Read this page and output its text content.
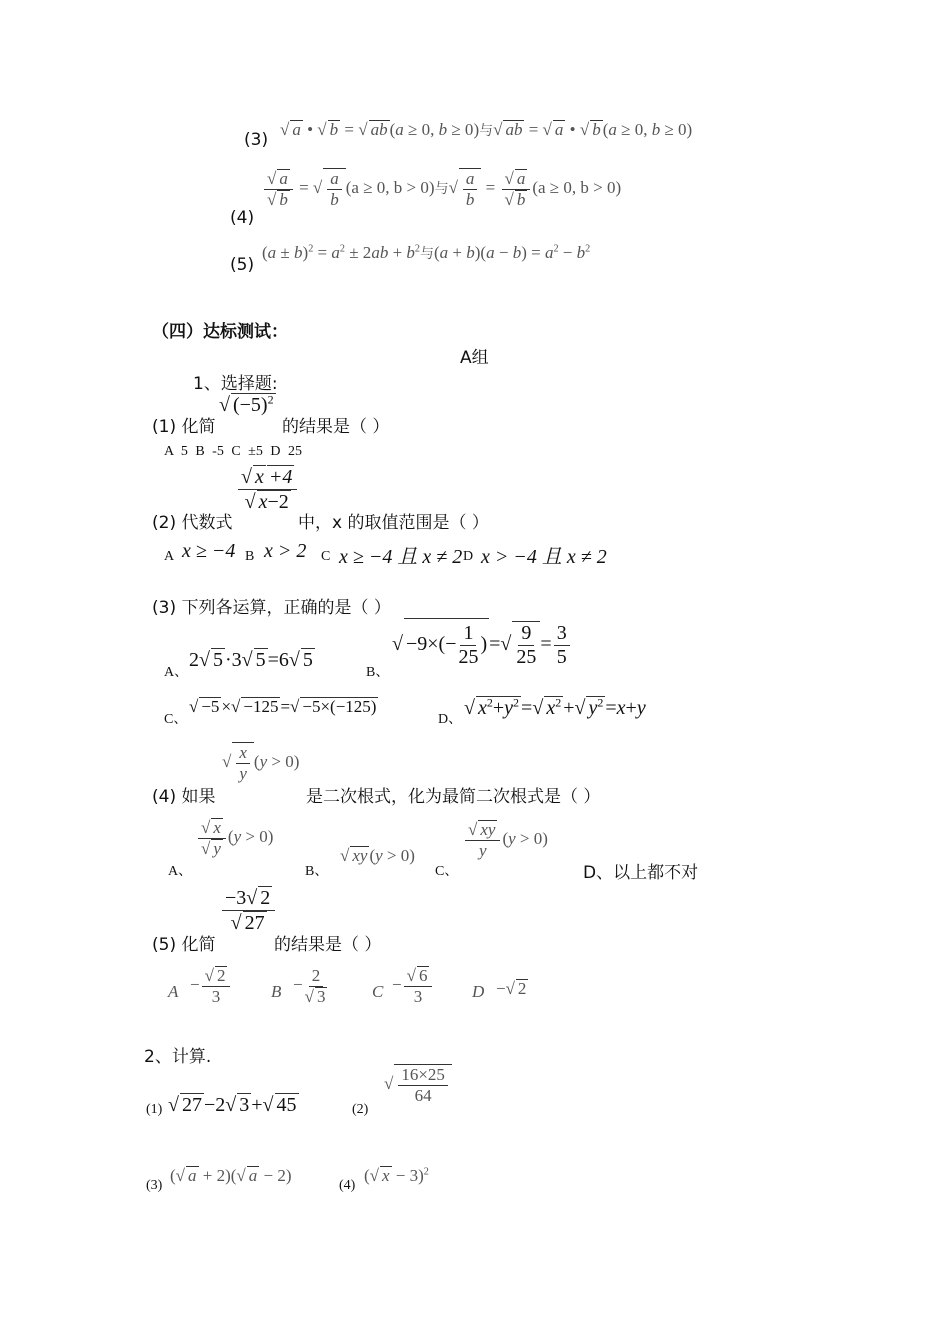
(3)
√ a • √ b = √ ab (a ≥ 0, b ≥ 0)与√ ab = √ a • √ b (a ≥ 0, b ≥ 0)
(4)
$\frac{√ a}{√ b}$ = √ $\frac{a}{b} (a \ge 0$, b > 0)与√ $\frac{a}{b} = \frac{√ a}{√ b} (a \ge 0$, b > 0)
(5)
$(a \pm b)^2 = a^2 \pm 2ab + b^2$与$(a + b)(a - b) = a^2 - b^2$
（四）达标测试：
A组
1、选择题:
(1) 化简
√ $(-5)^2$
的结果是（ ）
A 5 B -5 C ±5 D 25
$\frac{√ x +4}{√ x-2}$
(2) 代数式	中，x 的取值范围是（ ）
A x ≥ −4 B x > 2 C x ≥ −4 且 x ≠ 2 D x > −4 且 x ≠ 2
(3) 下列各运算，正确的是（ ）
A、
2√ 5 ·3√ 5 =6√ 5
B、
√ $-9\times(- \frac{1}{25}$ ) =√ $\frac{9}{25} = \frac{3}{5}$
C、
√ −5 ×√ −125 =√ −5×(−125)
D、
√ $x^2+y^2$ =√ $x^2$ +√ $y^2 =x+y$
√ $\frac{x}{y} (y > 0)$
(4) 如果	是二次根式，化为最简二次根式是（ ）
A、
$\frac{√ x}{√ y} (y > 0)$
B、
√ xy (y > 0)
C、
$\frac{√ xy}{y} (y > 0)$
D、以上都不对
$\frac{-3√ 2}{√ 27}$
(5) 化简	的结果是（ ）
$A - \frac{√ 2}{3}$ $B - \frac{2}{√ 3}$	$C - \frac{√ 6}{3}$ D −√ 2
2、计算.
(1) √ 27 −2√ 3 +√ 45	(2)
√ $\frac{16\times 25}{64}$
(3)
(√ a + 2)(√ a − 2)
(4)
(√ x − 3)$^2$
